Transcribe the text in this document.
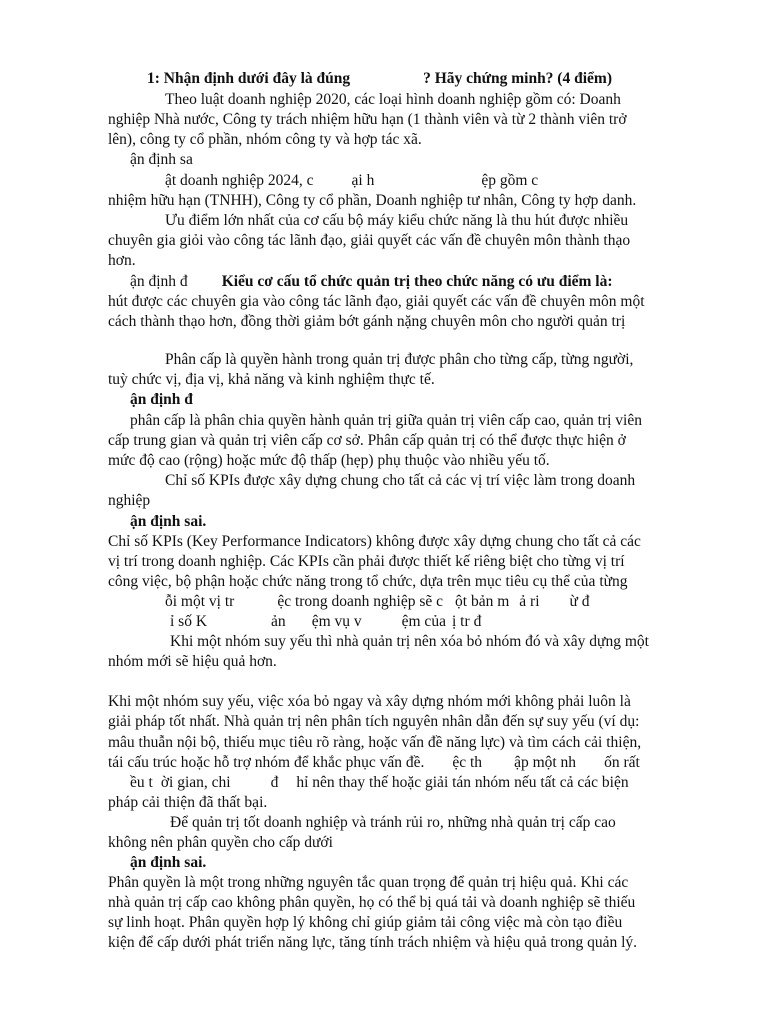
1: Nhận định dưới đây là đúng	? Hãy chứng minh? (4 điểm)
Theo luật doanh nghiệp 2020, các loại hình doanh nghiệp gồm có: Doanh
nghiệp Nhà nước, Công ty trách nhiệm hữu hạn (1 thành viên và từ 2 thành viên trở
lên), công ty cổ phần, nhóm công ty và hợp tác xã.
ận định sa
ật doanh nghiệp 2024, c ại h	ệp gồm c
nhiệm hữu hạn (TNHH), Công ty cổ phần, Doanh nghiệp tư nhân, Công ty hợp danh.
Ưu điểm lớn nhất của cơ cấu bộ máy kiểu chức năng là thu hút được nhiều
chuyên gia giỏi vào công tác lãnh đạo, giải quyết các vấn đề chuyên môn thành thạo
hơn.
ận định đ Kiểu cơ cấu tổ chức quản trị theo chức năng có ưu điểm là:
hút được các chuyên gia vào công tác lãnh đạo, giải quyết các vấn đề chuyên môn một
cách thành thạo hơn, đồng thời giảm bớt gánh nặng chuyên môn cho người quản trị
Phân cấp là quyền hành trong quản trị được phân cho từng cấp, từng người,
tuỳ chức vị, địa vị, khả năng và kinh nghiệm thực tế.
ận định đ
phân cấp là phân chia quyền hành quản trị giữa quản trị viên cấp cao, quản trị viên
cấp trung gian và quản trị viên cấp cơ sở. Phân cấp quản trị có thể được thực hiện ở
mức độ cao (rộng) hoặc mức độ thấp (hẹp) phụ thuộc vào nhiều yếu tố.
Chỉ số KPIs được xây dựng chung cho tất cả các vị trí việc làm trong doanh
nghiệp
ận định sai.
Chỉ số KPIs (Key Performance Indicators) không được xây dựng chung cho tất cả các
vị trí trong doanh nghiệp. Các KPIs cần phải được thiết kế riêng biệt cho từng vị trí
công việc, bộ phận hoặc chức năng trong tổ chức, dựa trên mục tiêu cụ thể của từng
ỗi một vị tr	ệc trong doanh nghiệp sẽ c ột bản m ả ri ừ đ
ỉ số K	ản ệm vụ v	ệm của ị tr đ
Khi một nhóm suy yếu thì nhà quản trị nên xóa bỏ nhóm đó và xây dựng một
nhóm mới sẽ hiệu quả hơn.
Khi một nhóm suy yếu, việc xóa bỏ ngay và xây dựng nhóm mới không phải luôn là
giải pháp tốt nhất. Nhà quản trị nên phân tích nguyên nhân dẫn đến sự suy yếu (ví dụ:
mâu thuẫn nội bộ, thiếu mục tiêu rõ ràng, hoặc vấn đề năng lực) và tìm cách cải thiện,
tái cấu trúc hoặc hỗ trợ nhóm để khắc phục vấn đề. ệc th ập một nh ốn rất
ều t ời gian, chi	đ hỉ nên thay thế hoặc giải tán nhóm nếu tất cả các biện
pháp cải thiện đã thất bại.
Để quản trị tốt doanh nghiệp và tránh rủi ro, những nhà quản trị cấp cao
không nên phân quyền cho cấp dưới
ận định sai.
Phân quyền là một trong những nguyên tắc quan trọng để quản trị hiệu quả. Khi các
nhà quản trị cấp cao không phân quyền, họ có thể bị quá tải và doanh nghiệp sẽ thiếu
sự linh hoạt. Phân quyền hợp lý không chỉ giúp giảm tải công việc mà còn tạo điều
kiện để cấp dưới phát triển năng lực, tăng tính trách nhiệm và hiệu quả trong quản lý.
